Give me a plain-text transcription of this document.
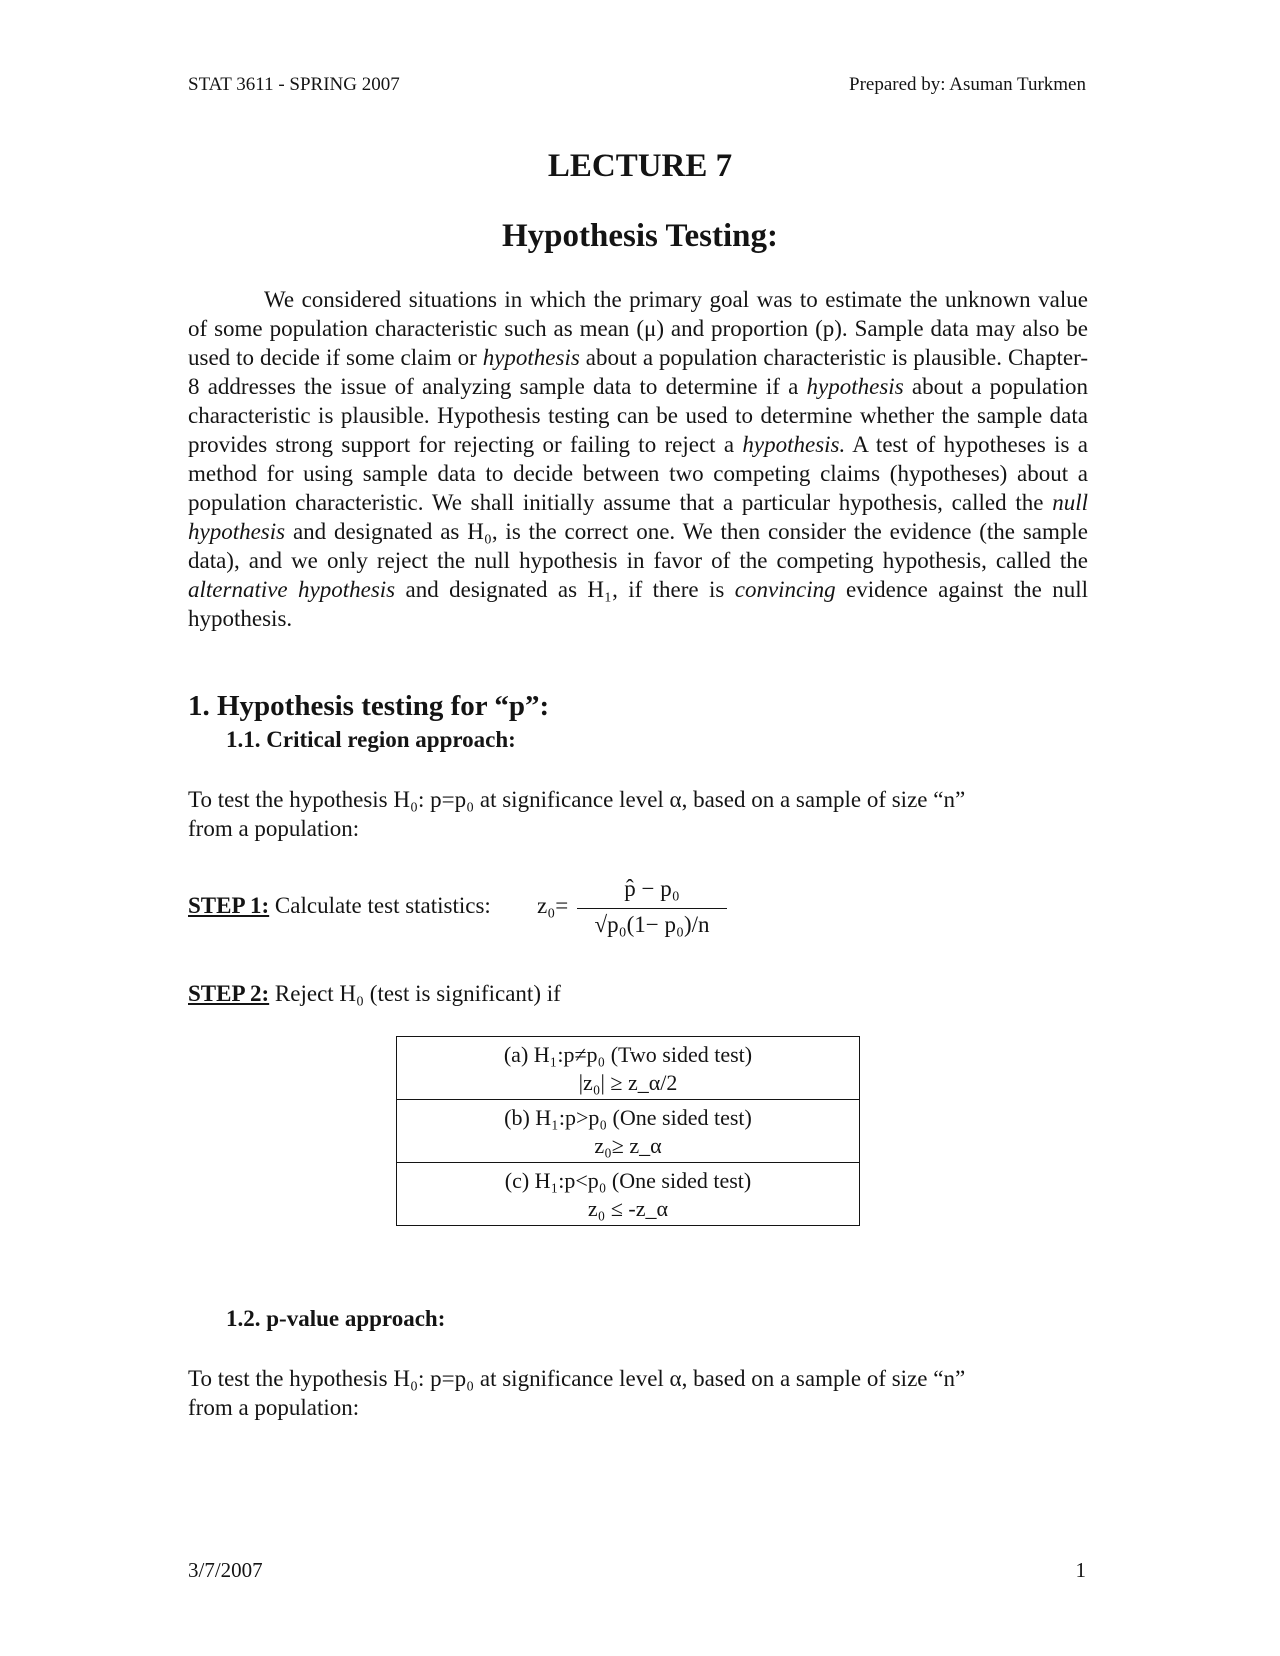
STAT 3611 - SPRING 2007	Prepared by: Asuman Turkmen
LECTURE 7
Hypothesis Testing:

We considered situations in which the primary goal was to estimate the unknown value of some population characteristic such as mean (μ) and proportion (p). Sample data may also be used to decide if some claim or hypothesis about a population characteristic is plausible. Chapter-8 addresses the issue of analyzing sample data to determine if a hypothesis about a population characteristic is plausible. Hypothesis testing can be used to determine whether the sample data provides strong support for rejecting or failing to reject a hypothesis. A test of hypotheses is a method for using sample data to decide between two competing claims (hypotheses) about a population characteristic. We shall initially assume that a particular hypothesis, called the null hypothesis and designated as H₀, is the correct one. We then consider the evidence (the sample data), and we only reject the null hypothesis in favor of the competing hypothesis, called the alternative hypothesis and designated as H₁, if there is convincing evidence against the null hypothesis.

1. Hypothesis testing for “p”:
1.1. Critical region approach:
To test the hypothesis H₀: p=p₀ at significance level α, based on a sample of size “n”
from a population:
STEP 1: Calculate test statistics: z₀=
p̂ − p₀
√p₀(1− p₀)/n
STEP 2: Reject H₀ (test is significant) if
(a) H₁:p≠p₀ (Two sided test)
|z₀| ≥ z_α/2

(b) H₁:p>p₀ (One sided test)
z₀≥ z_α

(c) H₁:p<p₀ (One sided test)
z₀ ≤ -z_α
1.2. p-value approach:
To test the hypothesis H₀: p=p₀ at significance level α, based on a sample of size “n”
from a population:
3/7/2007	1
